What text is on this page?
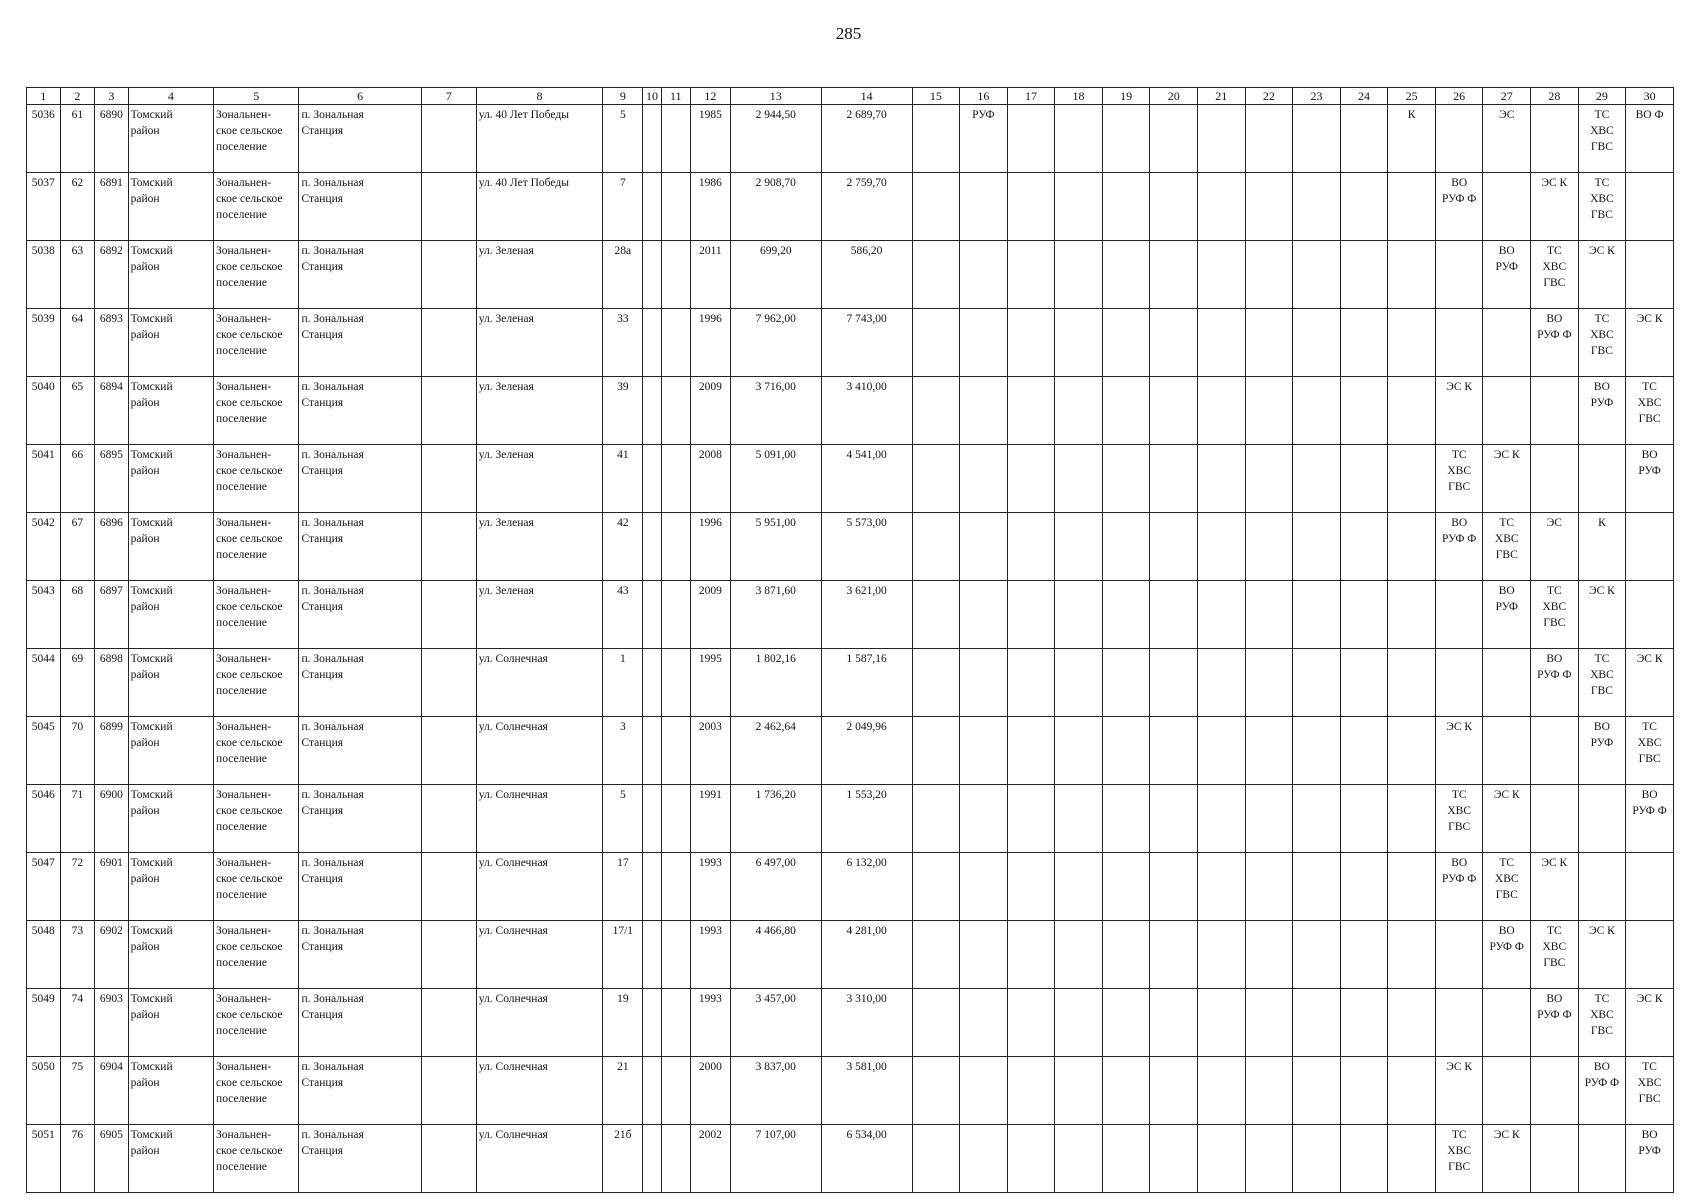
285
1	2	3	4	5	6	7	8	9	10	11	12	13	14	15	16	17	18	19	20	21	22	23	24	25	26	27	28	29	30
5036	61	6890	Томский
район	Зональнен-
ское сельское
поселение	п. Зональная
Станция		ул. 40 Лет Победы	5			1985	2 944,50	2 689,70		РУФ									К		ЭС		ТС
ХВС
ГВС	ВО Ф
5037	62	6891	Томский
район	Зональнен-
ское сельское
поселение	п. Зональная
Станция		ул. 40 Лет Победы	7			1986	2 908,70	2 759,70												ВО
РУФ Ф		ЭС К	ТС
ХВС
ГВС	
5038	63	6892	Томский
район	Зональнен-
ское сельское
поселение	п. Зональная
Станция		ул. Зеленая	28а			2011	699,20	586,20													ВО
РУФ	ТС
ХВС
ГВС	ЭС К	
5039	64	6893	Томский
район	Зональнен-
ское сельское
поселение	п. Зональная
Станция		ул. Зеленая	33			1996	7 962,00	7 743,00														ВО
РУФ Ф	ТС
ХВС
ГВС	ЭС К
5040	65	6894	Томский
район	Зональнен-
ское сельское
поселение	п. Зональная
Станция		ул. Зеленая	39			2009	3 716,00	3 410,00												ЭС К			ВО
РУФ	ТС
ХВС
ГВС
5041	66	6895	Томский
район	Зональнен-
ское сельское
поселение	п. Зональная
Станция		ул. Зеленая	41			2008	5 091,00	4 541,00												ТС
ХВС
ГВС	ЭС К			ВО
РУФ
5042	67	6896	Томский
район	Зональнен-
ское сельское
поселение	п. Зональная
Станция		ул. Зеленая	42			1996	5 951,00	5 573,00												ВО
РУФ Ф	ТС
ХВС
ГВС	ЭС	К	
5043	68	6897	Томский
район	Зональнен-
ское сельское
поселение	п. Зональная
Станция		ул. Зеленая	43			2009	3 871,60	3 621,00													ВО
РУФ	ТС
ХВС
ГВС	ЭС К	
5044	69	6898	Томский
район	Зональнен-
ское сельское
поселение	п. Зональная
Станция		ул. Солнечная	1			1995	1 802,16	1 587,16														ВО
РУФ Ф	ТС
ХВС
ГВС	ЭС К
5045	70	6899	Томский
район	Зональнен-
ское сельское
поселение	п. Зональная
Станция		ул. Солнечная	3			2003	2 462,64	2 049,96												ЭС К			ВО
РУФ	ТС
ХВС
ГВС
5046	71	6900	Томский
район	Зональнен-
ское сельское
поселение	п. Зональная
Станция		ул. Солнечная	5			1991	1 736,20	1 553,20												ТС
ХВС
ГВС	ЭС К			ВО
РУФ Ф
5047	72	6901	Томский
район	Зональнен-
ское сельское
поселение	п. Зональная
Станция		ул. Солнечная	17			1993	6 497,00	6 132,00												ВО
РУФ Ф	ТС
ХВС
ГВС	ЭС К		
5048	73	6902	Томский
район	Зональнен-
ское сельское
поселение	п. Зональная
Станция		ул. Солнечная	17/1			1993	4 466,80	4 281,00													ВО
РУФ Ф	ТС
ХВС
ГВС	ЭС К	
5049	74	6903	Томский
район	Зональнен-
ское сельское
поселение	п. Зональная
Станция		ул. Солнечная	19			1993	3 457,00	3 310,00														ВО
РУФ Ф	ТС
ХВС
ГВС	ЭС К
5050	75	6904	Томский
район	Зональнен-
ское сельское
поселение	п. Зональная
Станция		ул. Солнечная	21			2000	3 837,00	3 581,00												ЭС К			ВО
РУФ Ф	ТС
ХВС
ГВС
5051	76	6905	Томский
район	Зональнен-
ское сельское
поселение	п. Зональная
Станция		ул. Солнечная	21б			2002	7 107,00	6 534,00												ТС
ХВС
ГВС	ЭС К			ВО
РУФ
